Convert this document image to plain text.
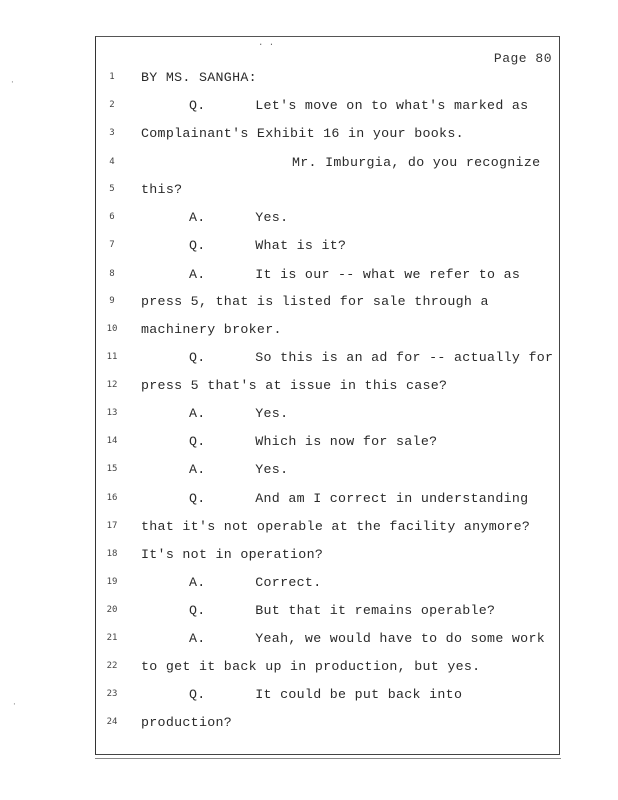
· ·
·
·
Page 80
1	BY MS. SANGHA:
2	Q.      Let's move on to what's marked as
3	Complainant's Exhibit 16 in your books.
4	Mr. Imburgia, do you recognize
5	this?
6	A.      Yes.
7	Q.      What is it?
8	A.      It is our -- what we refer to as
9	press 5, that is listed for sale through a
10 machinery broker.
11	Q.      So this is an ad for -- actually for
12 press 5 that's at issue in this case?
13	A.      Yes.
14	Q.      Which is now for sale?
15	A.      Yes.
16	Q.      And am I correct in understanding
17 that it's not operable at the facility anymore?
18 It's not in operation?
19	A.      Correct.
20	Q.      But that it remains operable?
21	A.      Yeah, we would have to do some work
22 to get it back up in production, but yes.
23	Q.      It could be put back into
24 production?
